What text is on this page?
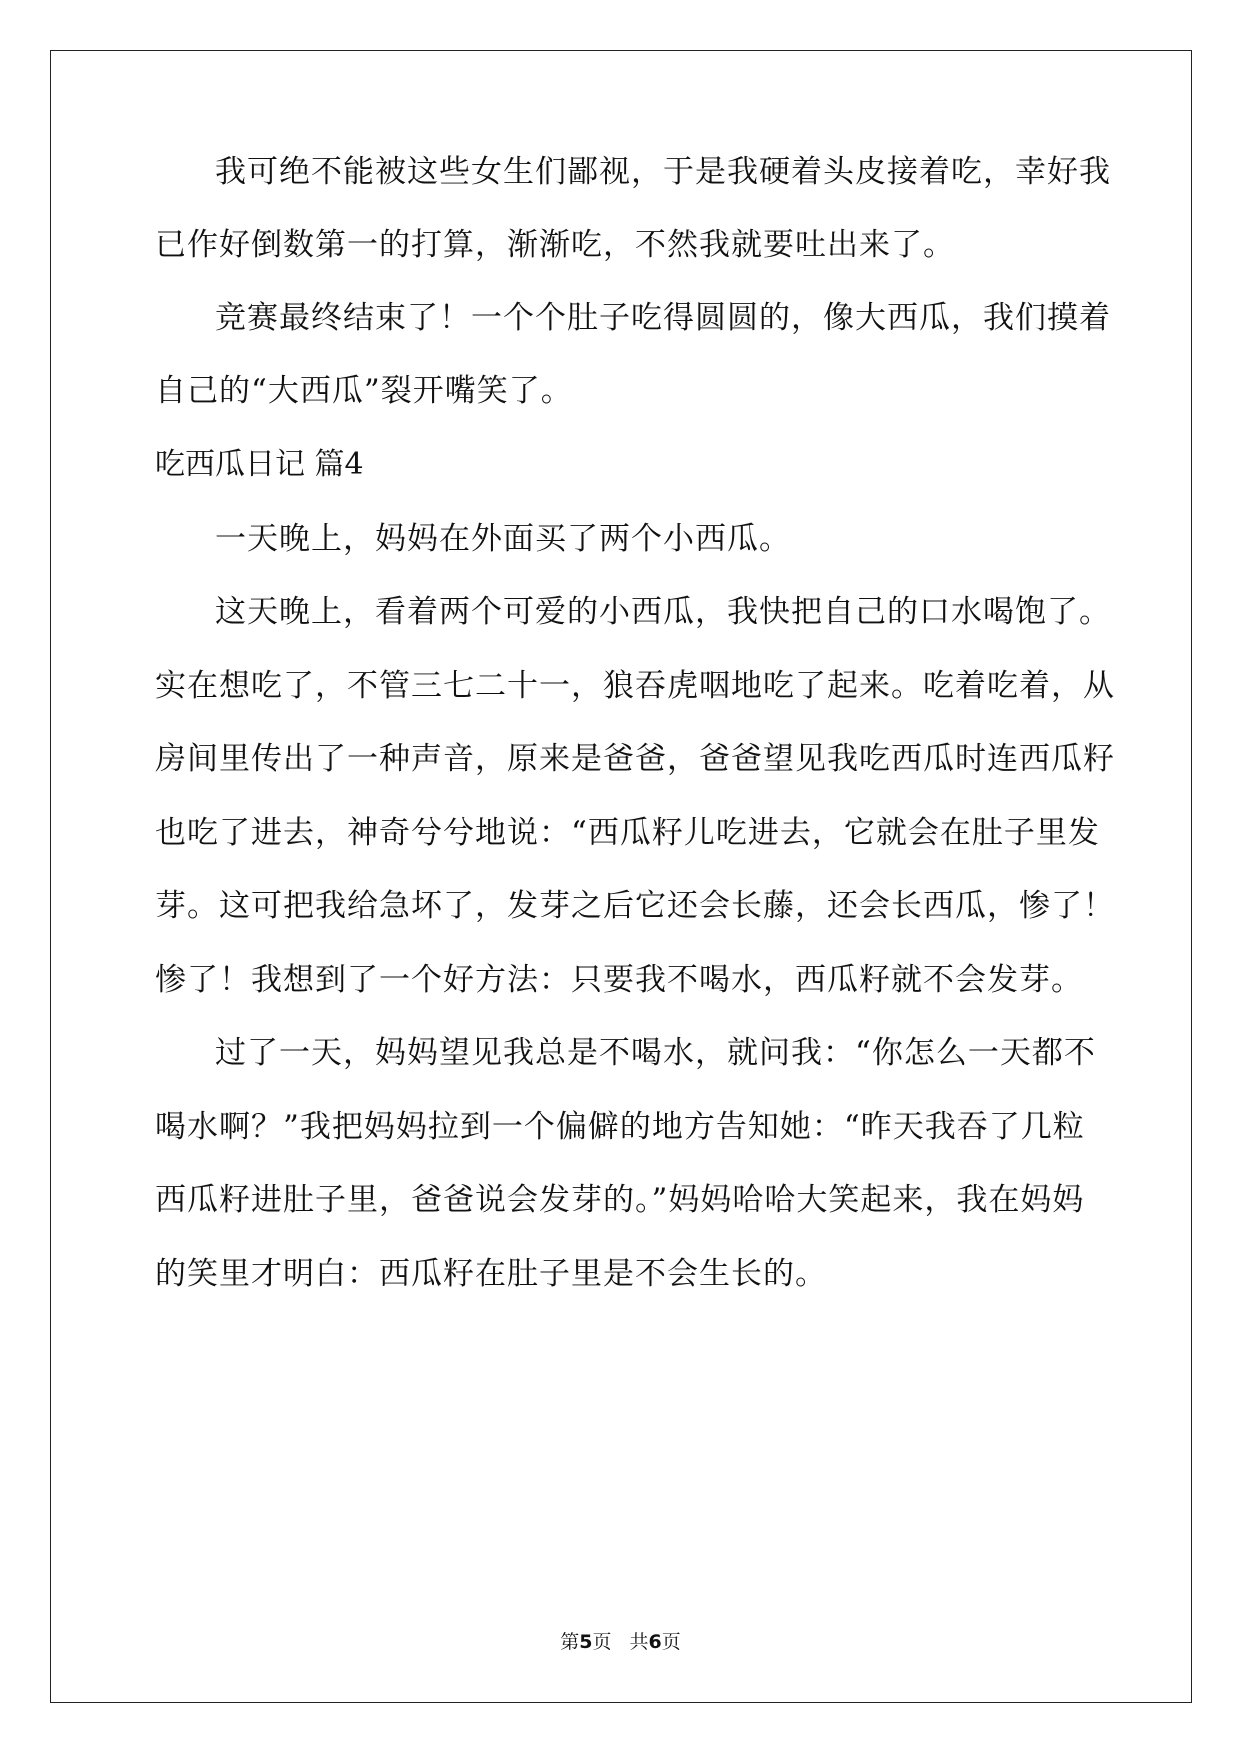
我可绝不能被这些女生们鄙视，于是我硬着头皮接着吃，幸好我
已作好倒数第一的打算，渐渐吃，不然我就要吐出来了。
竞赛最终结束了！一个个肚子吃得圆圆的，像大西瓜，我们摸着
自己的“大西瓜”裂开嘴笑了。
吃西瓜日记 篇4
一天晚上，妈妈在外面买了两个小西瓜。
这天晚上，看着两个可爱的小西瓜，我快把自己的口水喝饱了。
实在想吃了，不管三七二十一，狼吞虎咽地吃了起来。吃着吃着，从
房间里传出了一种声音，原来是爸爸，爸爸望见我吃西瓜时连西瓜籽
也吃了进去，神奇兮兮地说：“西瓜籽儿吃进去，它就会在肚子里发
芽。这可把我给急坏了，发芽之后它还会长藤，还会长西瓜，惨了！
惨了！我想到了一个好方法：只要我不喝水，西瓜籽就不会发芽。
过了一天，妈妈望见我总是不喝水，就问我：“你怎么一天都不
喝水啊？”我把妈妈拉到一个偏僻的地方告知她：“昨天我吞了几粒
西瓜籽进肚子里，爸爸说会发芽的。”妈妈哈哈大笑起来，我在妈妈
的笑里才明白：西瓜籽在肚子里是不会生长的。
第5页 共6页
